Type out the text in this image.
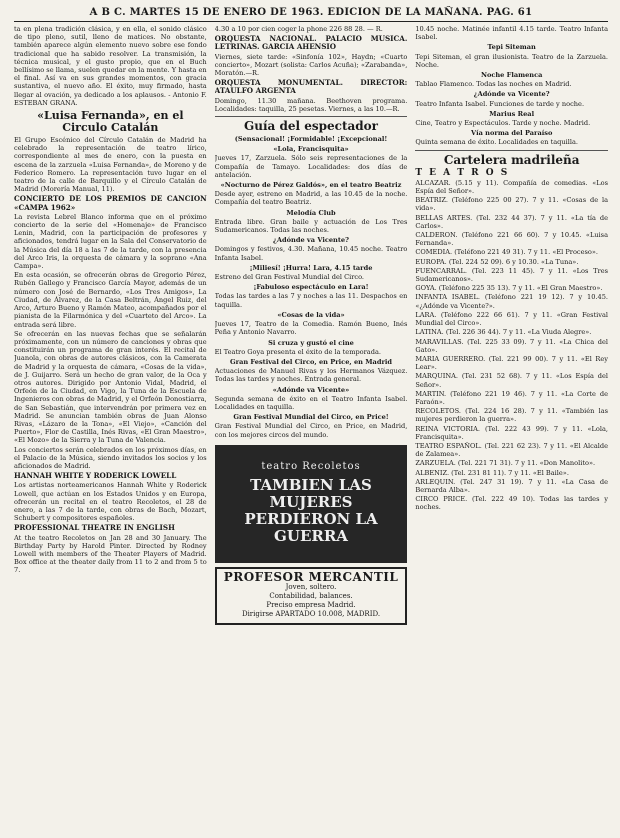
A B C. MARTES 15 DE ENERO DE 1963. EDICION DE LA MAÑANA. PAG. 61

ta en plena tradición clásica, y en ella, el sonido clásico de tipo pleno, sutil, lleno de matices. No obstante, también aparece algún elemento nuevo sobre ese fondo tradicional que ha sabido resolver. La transmisión, la técnica musical, y el gusto propio, que en el Buch bellísimo se llama, suelen quedar en la mente. Y hasta en el final. Así va en sus grandes momentos, con gracia sustantiva, el nuevo año. El éxito, muy firmado, hasta llegar al ovación, ya dedicado a los aplausos. - Antonio F. ESTEBAN GRANA.

«Luisa Fernanda», en el Circulo Catalán

El Grupo Escénico del Círculo Catalán de Madrid ha celebrado la representación de teatro lírico, correspondiente al mes de enero, con la puesta en escena de la zarzuela «Luisa Fernanda», de Moreno y de Federico Romero. La representación tuvo lugar en el teatro de la calle de Barquillo y el Círculo Catalán de Madrid (Morería Manual, 11).

CONCIERTO DE LOS PREMIOS DE CANCION «CAMPA 1962»

La revista Lebrel Blanco informa que en el próximo concierto de la serie del «Homenaje» de Francisco Lenin, Madrid, con la participación de profesores y aficionados, tendrá lugar en la Sala del Conservatorio de la Música del día 18 a las 7 de la tarde, con la presencia del Arco Iris, la orquesta de cámara y la soprano «Ana Campa».

En esta ocasión, se ofrecerán obras de Gregorio Pérez, Rubén Gallego y Francisco García Mayor, además de un número con José de Bernardo, «Los Tres Amigos», La Ciudad, de Álvarez, de la Casa Beltrán, Ángel Ruiz, del Arco, Arturo Bueno y Ramón Mateo, acompañados por el pianista de la Filarmónica y del «Cuarteto del Arco». La entrada será libre.

Se ofrecerán en las nuevas fechas que se señalarán próximamente, con un número de canciones y obras que constituirán un programa de gran interés. El recital de Juanola, con obras de autores clásicos, con la Camerata de Madrid y la orquesta de cámara, «Cosas de la vida», de J. Guijarro. Será un hecho de gran valor, de la Oca y otros autores. Dirigido por Antonio Vidal, Madrid, el Orfeón de la Ciudad, en Vigo, la Tuna de la Escuela de Ingenieros con obras de Madrid, y el Orfeón Donostiarra, de San Sebastián, que intervendrán por primera vez en Madrid. Se anuncian también obras de Juan Alonso Rivas, «Lázaro de la Tona», «El Viejo», «Canción del Puerto», Flor de Castilla, Inés Rivas, «El Gran Maestro», «El Mozo» de la Sierra y la Tuna de Valencia.

Los conciertos serán celebrados en los próximos días, en el Palacio de la Música, siendo invitados los socios y los aficionados de Madrid.

HANNAH WHITE Y RODERICK LOWELL

Los artistas norteamericanos Hannah White y Roderick Lowell, que actúan en los Estados Unidos y en Europa, ofrecerán un recital en el teatro Recoletos, el 28 de enero, a las 7 de la tarde, con obras de Bach, Mozart, Schubert y compositores españoles.

PROFESSIONAL THEATRE IN ENGLISH

At the teatro Recoletos on Jan 28 and 30 January. The Birthday Party by Harold Pinter. Directed by Rodney Lowell with members of the Theater Players of Madrid. Box office at the theater daily from 11 to 2 and from 5 to 7.

4.30 a 10 por cien coger la phone 226 88 28. — R.

ORQUESTA NACIONAL. PALACIO MUSICA. LETRINAS. GARCIA AHENSIO

Viernes, siete tarde: «Sinfonía 102», Haydn; «Cuarto concierto», Mozart (solista: Carlos Acuña); «Zarabanda», Moratón.—R.

ORQUESTA MONUMENTAL. DIRECTOR: ATAULFO ARGENTA

Domingo, 11.30 mañana. Beethoven programa. Localidades: taquilla, 25 pesetas. Viernes, a las 10.—R.

Guía del espectador
(Sensacional! ¡Formidable! ¡Excepcional!
«Lola, Francisquita»

Jueves 17, Zarzuela. Sólo seis representaciones de la Compañía de Tamayo. Localidades: dos días de antelación.

«Nocturno de Pérez Galdós», en el teatro Beatriz

Desde ayer, estreno en Madrid, a las 10.45 de la noche. Compañía del teatro Beatriz.

Melodía Club

Entrada libre. Gran baile y actuación de Los Tres Sudamericanos. Todas las noches.

¿Adónde va Vicente?

Domingos y festivos, 4.30. Mañana, 10.45 noche. Teatro Infanta Isabel.

¡Miliesí! ¡Hurra! Lara, 4.15 tarde

Estreno del Gran Festival Mundial del Circo.

¡Fabuloso espectáculo en Lara!

Todas las tardes a las 7 y noches a las 11. Despachos en taquilla.

«Cosas de la vida»

Jueves 17, Teatro de la Comedia. Ramón Bueno, Inés Peña y Antonio Navarro.

Si cruza y gustó el cine

El Teatro Goya presenta el éxito de la temporada.

Gran Festival del Circo, en Price, en Madrid

Actuaciones de Manuel Rivas y los Hermanos Vázquez. Todas las tardes y noches. Entrada general.

«Adónde va Vicente»

Segunda semana de éxito en el Teatro Infanta Isabel. Localidades en taquilla.

Gran Festival Mundial del Circo, en Price!

Gran Festival Mundial del Circo, en Price, en Madrid, con los mejores circos del mundo.

teatro Recoletos
TAMBIEN LAS MUJERES
PERDIERON LA GUERRA
PROFESOR MERCANTIL
Joven, soltero.
Contabilidad, balances.
Preciso empresa Madrid.
Dirigirse APARTADO 10.008, MADRID.

10.45 noche. Matinée infantil 4.15 tarde. Teatro Infanta Isabel.

Tepi Siteman

Tepi Siteman, el gran ilusionista. Teatro de la Zarzuela. Noche.

Noche Flamenca

Tablao Flamenco. Todas las noches en Madrid.

¿Adónde va Vicente?

Teatro Infanta Isabel. Funciones de tarde y noche.

Marius Real

Cine, Teatro y Espectáculos. Tarde y noche. Madrid.

Vía norma del Paraíso

Quinta semana de éxito. Localidades en taquilla.

Cartelera madrileña
T E A T R O S

ALCAZAR. (5.15 y 11). Compañía de comedias. «Los Espía del Señor».

BEATRIZ. (Teléfono 225 00 27). 7 y 11. «Cosas de la vida».

BELLAS ARTES. (Tel. 232 44 37). 7 y 11. «La tía de Carlos».

CALDERON. (Teléfono 221 66 60). 7 y 10.45. «Luisa Fernanda».

COMEDIA. (Teléfono 221 49 31). 7 y 11. «El Proceso».

EUROPA. (Tel. 224 52 09). 6 y 10.30. «La Tuna».

FUENCARRAL. (Tel. 223 11 45). 7 y 11. «Los Tres Sudamericanos».

GOYA. (Teléfono 225 35 13). 7 y 11. «El Gran Maestro».

INFANTA ISABEL. (Teléfono 221 19 12). 7 y 10.45. «¿Adónde va Vicente?».

LARA. (Teléfono 222 66 61). 7 y 11. «Gran Festival Mundial del Circo».

LATINA. (Tel. 226 36 44). 7 y 11. «La Viuda Alegre».

MARAVILLAS. (Tel. 225 33 09). 7 y 11. «La Chica del Gato».

MARIA GUERRERO. (Tel. 221 99 00). 7 y 11. «El Rey Lear».

MARQUINA. (Tel. 231 52 68). 7 y 11. «Los Espía del Señor».

MARTIN. (Teléfono 221 19 46). 7 y 11. «La Corte de Faraón».

RECOLETOS. (Tel. 224 16 28). 7 y 11. «También las mujeres perdieron la guerra».

REINA VICTORIA. (Tel. 222 43 99). 7 y 11. «Lola, Francisquita».

TEATRO ESPAÑOL. (Tel. 221 62 23). 7 y 11. «El Alcalde de Zalamea».

ZARZUELA. (Tel. 221 71 31). 7 y 11. «Don Manolito».

ALBENIZ. (Tel. 231 81 11). 7 y 11. «El Baile».

ARLEQUIN. (Tel. 247 31 19). 7 y 11. «La Casa de Bernarda Alba».

CIRCO PRICE. (Tel. 222 49 10). Todas las tardes y noches.
